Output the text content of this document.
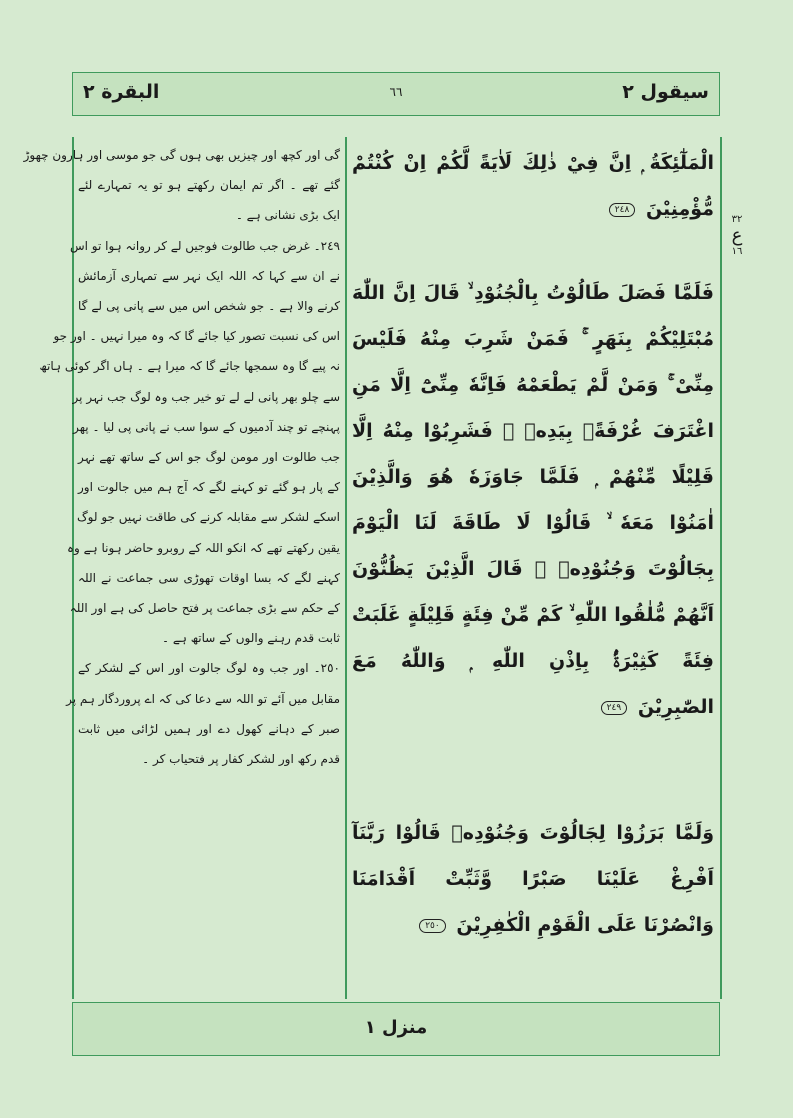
البقرة ٢	٦٦	سیقول ٢
٣٢
ع
١٦
الْمَلٰٓئِكَةُ ۭ اِنَّ فِيْ ذٰلِكَ لَاٰيَةً لَّكُمْ اِنْ كُنْتُمْ
مُّؤْمِنِيْنَ ٢٤٨
فَلَمَّا فَصَلَ طَالُوْتُ بِالْجُنُوْدِ ۙ قَالَ اِنَّ اللّٰهَ
مُبْتَلِيْكُمْ بِنَهَرٍ ۚ فَمَنْ شَرِبَ مِنْهُ فَلَيْسَ
مِنِّىْ ۚ وَمَنْ لَّمْ يَطْعَمْهُ فَاِنَّهٗ مِنِّىْٓ اِلَّا مَنِ
اغْتَرَفَ غُرْفَةًۢ بِيَدِهٖ ۚ فَشَرِبُوْا مِنْهُ اِلَّا
قَلِيْلًا مِّنْهُمْ ۭ فَلَمَّا جَاوَزَهٗ هُوَ وَالَّذِيْنَ
اٰمَنُوْا مَعَهٗ ۙ قَالُوْا لَا طَاقَةَ لَنَا الْيَوْمَ
بِجَالُوْتَ وَجُنُوْدِهٖ ۭ قَالَ الَّذِيْنَ يَظُنُّوْنَ
اَنَّهُمْ مُّلٰقُوا اللّٰهِ ۙ كَمْ مِّنْ فِئَةٍ قَلِيْلَةٍ غَلَبَتْ
فِئَةً كَثِيْرَةًۢ بِاِذْنِ اللّٰهِ ۭ وَاللّٰهُ مَعَ
الصّٰبِرِيْنَ ٢٤٩
وَلَمَّا بَرَزُوْا لِجَالُوْتَ وَجُنُوْدِهٖ قَالُوْا رَبَّنَآ
اَفْرِغْ عَلَيْنَا صَبْرًا وَّثَبِّتْ اَقْدَامَنَا
وَانْصُرْنَا عَلَى الْقَوْمِ الْكٰفِرِيْنَ ٢٥٠
گی اور کچھ اور چیزیں بھی ہوں گی جو موسی اور ہارون چھوڑ
گئے تھے ۔ اگر تم ایمان رکھتے ہو تو یہ تمہارے لئے
ایک بڑی نشانی ہے ۔
٢٤٩۔ غرض جب طالوت فوجیں لے کر روانہ ہوا تو اس
نے ان سے کہا کہ اللہ ایک نہر سے تمہاری آزمائش
کرنے والا ہے ۔ جو شخص اس میں سے پانی پی لے گا
اس کی نسبت تصور کیا جائے گا کہ وہ میرا نہیں ۔ اور جو
نہ پیے گا وہ سمجھا جائے گا کہ میرا ہے ۔ ہاں اگر کوئی ہاتھ
سے چلو بھر پانی لے لے تو خیر جب وہ لوگ جب نہر پر
پہنچے تو چند آدمیوں کے سوا سب نے پانی پی لیا ۔ پھر
جب طالوت اور مومن لوگ جو اس کے ساتھ تھے نہر
کے پار ہو گئے تو کہنے لگے کہ آج ہم میں جالوت اور
اسکے لشکر سے مقابلہ کرنے کی طاقت نہیں جو لوگ
یقین رکھتے تھے کہ انکو اللہ کے روبرو حاضر ہونا ہے وہ
کہنے لگے کہ بسا اوقات تھوڑی سی جماعت نے اللہ
کے حکم سے بڑی جماعت پر فتح حاصل کی ہے اور اللہ
ثابت قدم رہنے والوں کے ساتھ ہے ۔
٢٥٠۔ اور جب وہ لوگ جالوت اور اس کے لشکر کے
مقابل میں آئے تو اللہ سے دعا کی کہ اے پروردگار ہم پر
صبر کے دہانے کھول دے اور ہمیں لڑائی میں ثابت
قدم رکھ اور لشکر کفار پر فتحیاب کر ۔
منزل ١
